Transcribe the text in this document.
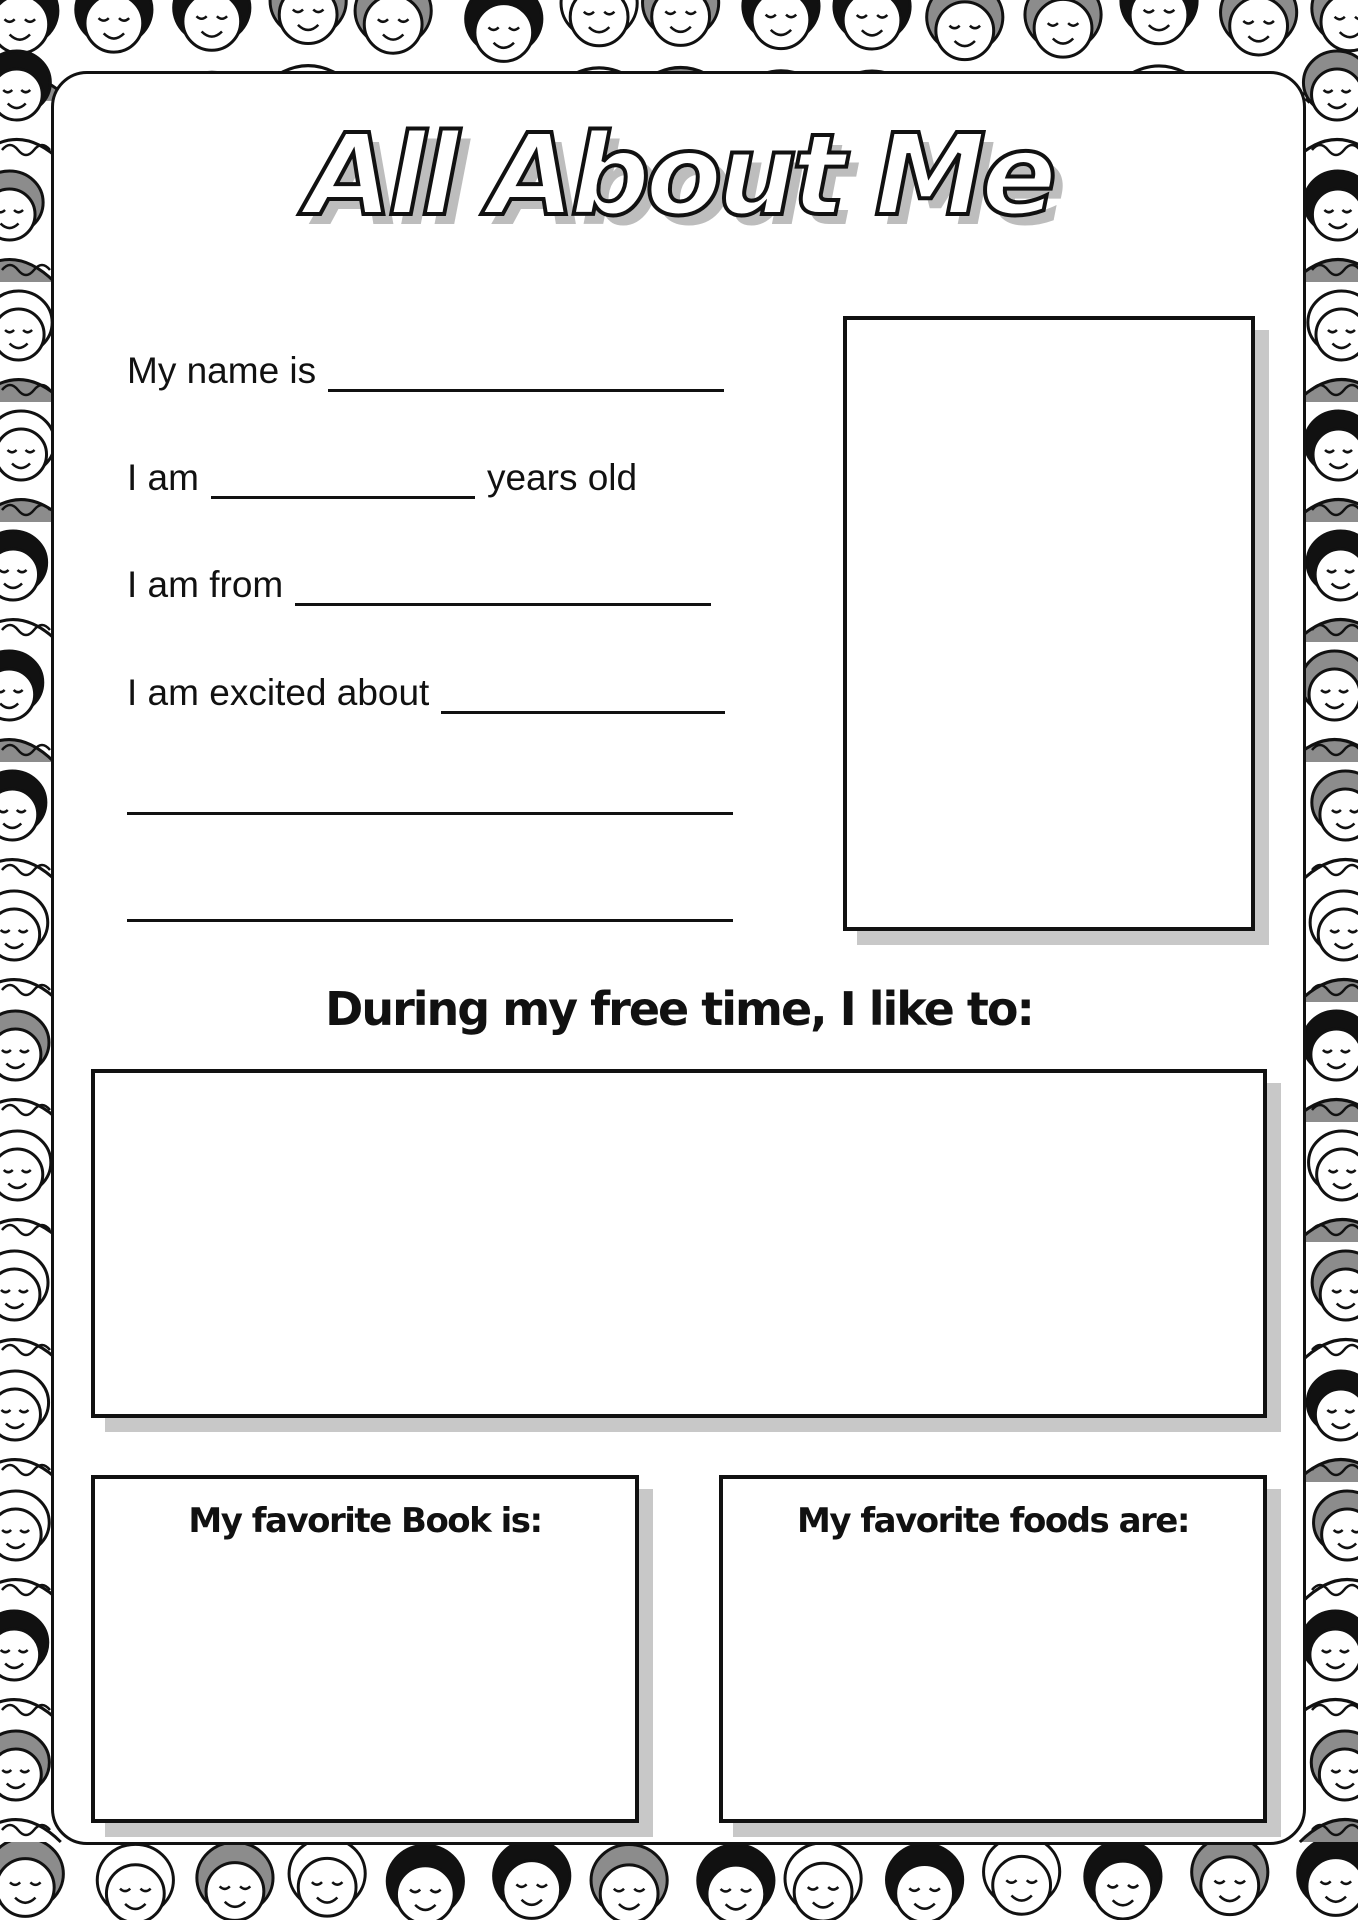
All About Me
My name is
I am	years old
I am from
I am excited about
During my free time, I like to:
My favorite Book is:	My favorite foods are:
